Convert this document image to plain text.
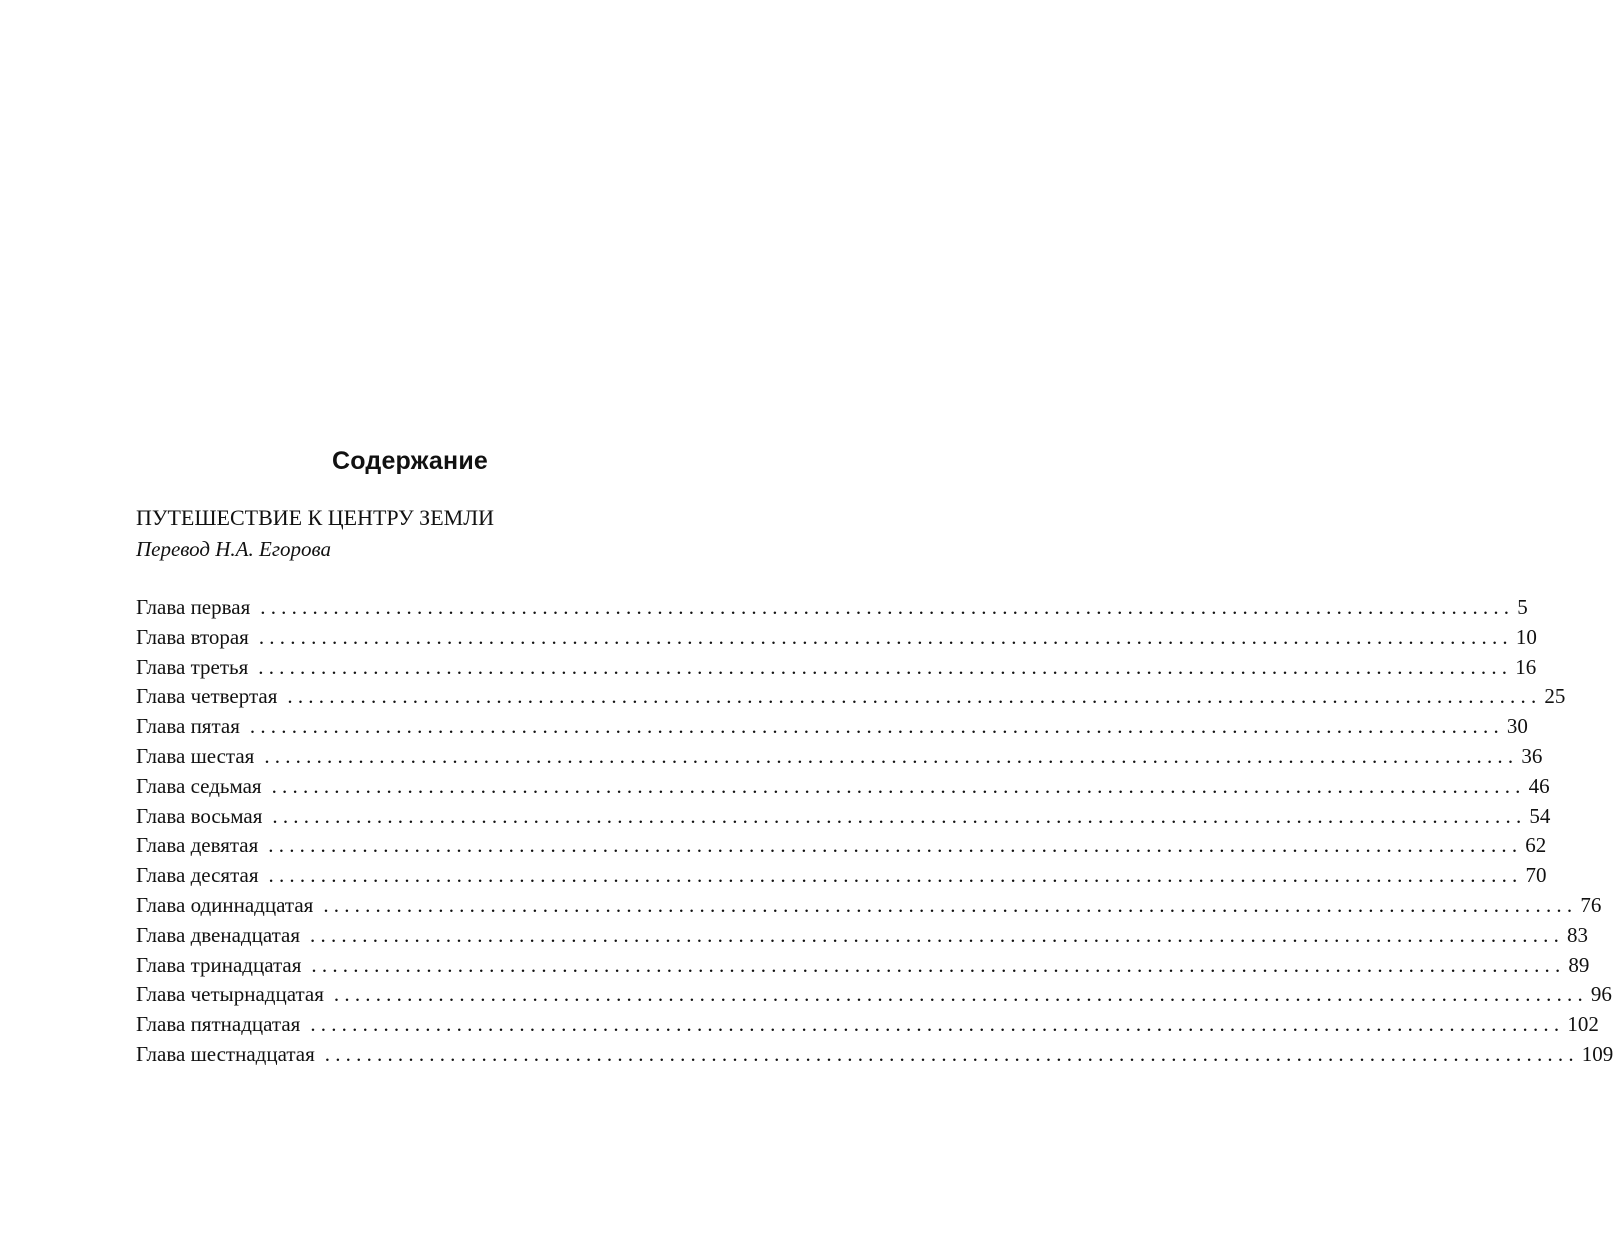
Содержание
ПУТЕШЕСТВИЕ К ЦЕНТРУ ЗЕМЛИ
Перевод Н.А. Егорова
Глава первая ........................................................................................................................ 5
Глава вторая ........................................................................................................................ 10
Глава третья ........................................................................................................................ 16
Глава четвертая ........................................................................................................................ 25
Глава пятая ........................................................................................................................ 30
Глава шестая ........................................................................................................................ 36
Глава седьмая ........................................................................................................................ 46
Глава восьмая ........................................................................................................................ 54
Глава девятая ........................................................................................................................ 62
Глава десятая ........................................................................................................................ 70
Глава одиннадцатая ........................................................................................................................ 76
Глава двенадцатая ........................................................................................................................ 83
Глава тринадцатая ........................................................................................................................ 89
Глава четырнадцатая ........................................................................................................................ 96
Глава пятнадцатая ........................................................................................................................ 102
Глава шестнадцатая ........................................................................................................................ 109
